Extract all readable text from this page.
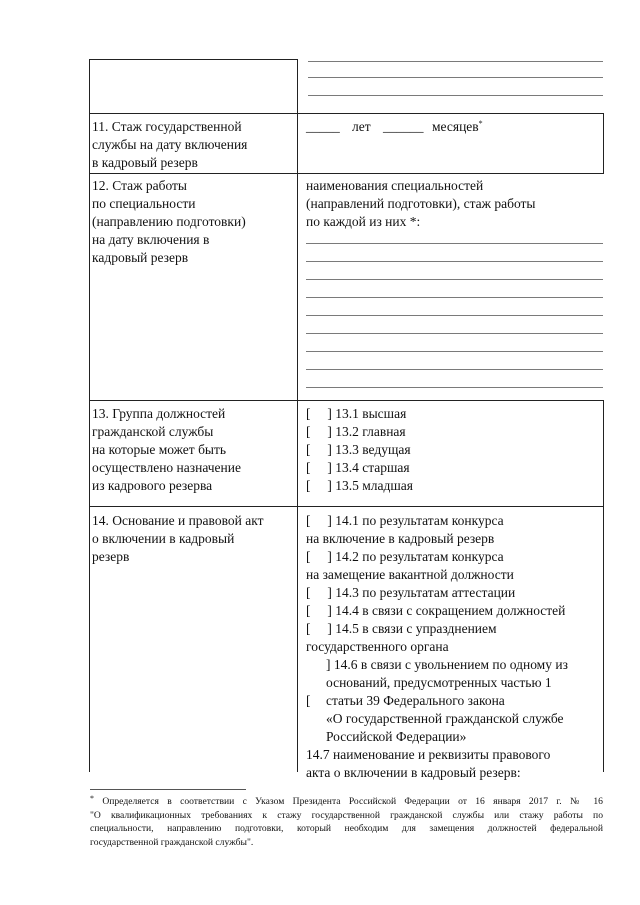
11. Стаж государственной
службы на дату включения
в кадровый резерв
_____ лет ______ месяцев*
12. Стаж работы
по специальности
(направлению подготовки)
на дату включения в
кадровый резерв
наименования специальностей
(направлений подготовки), стаж работы
по каждой из них *:
13. Группа должностей
гражданской службы
на которые может быть
осуществлено назначение
из кадрового резерва
[     ] 13.1 высшая
[     ] 13.2 главная
[     ] 13.3 ведущая
[     ] 13.4 старшая
[     ] 13.5 младшая
14. Основание и правовой акт
о включении в кадровый
резерв
[     ] 14.1 по результатам конкурса
на включение в кадровый резерв
[     ] 14.2 по результатам конкурса
на замещение вакантной должности
[     ] 14.3 по результатам аттестации
[     ] 14.4 в связи с сокращением должностей
[     ] 14.5 в связи с упразднением
государственного органа
] 14.6 в связи с увольнением по одному из
оснований, предусмотренных частью 1
[ статьи 39 Федерального закона
«О государственной гражданской службе
Российской Федерации»
14.7 наименование и реквизиты правового
акта о включении в кадровый резерв:
* Определяется в соответствии с Указом Президента Российской Федерации от 16 января 2017 г. № 16
"О квалификационных требованиях к стажу государственной гражданской службы или стажу работы по
специальности, направлению подготовки, который необходим для замещения должностей федеральной
государственной гражданской службы".
